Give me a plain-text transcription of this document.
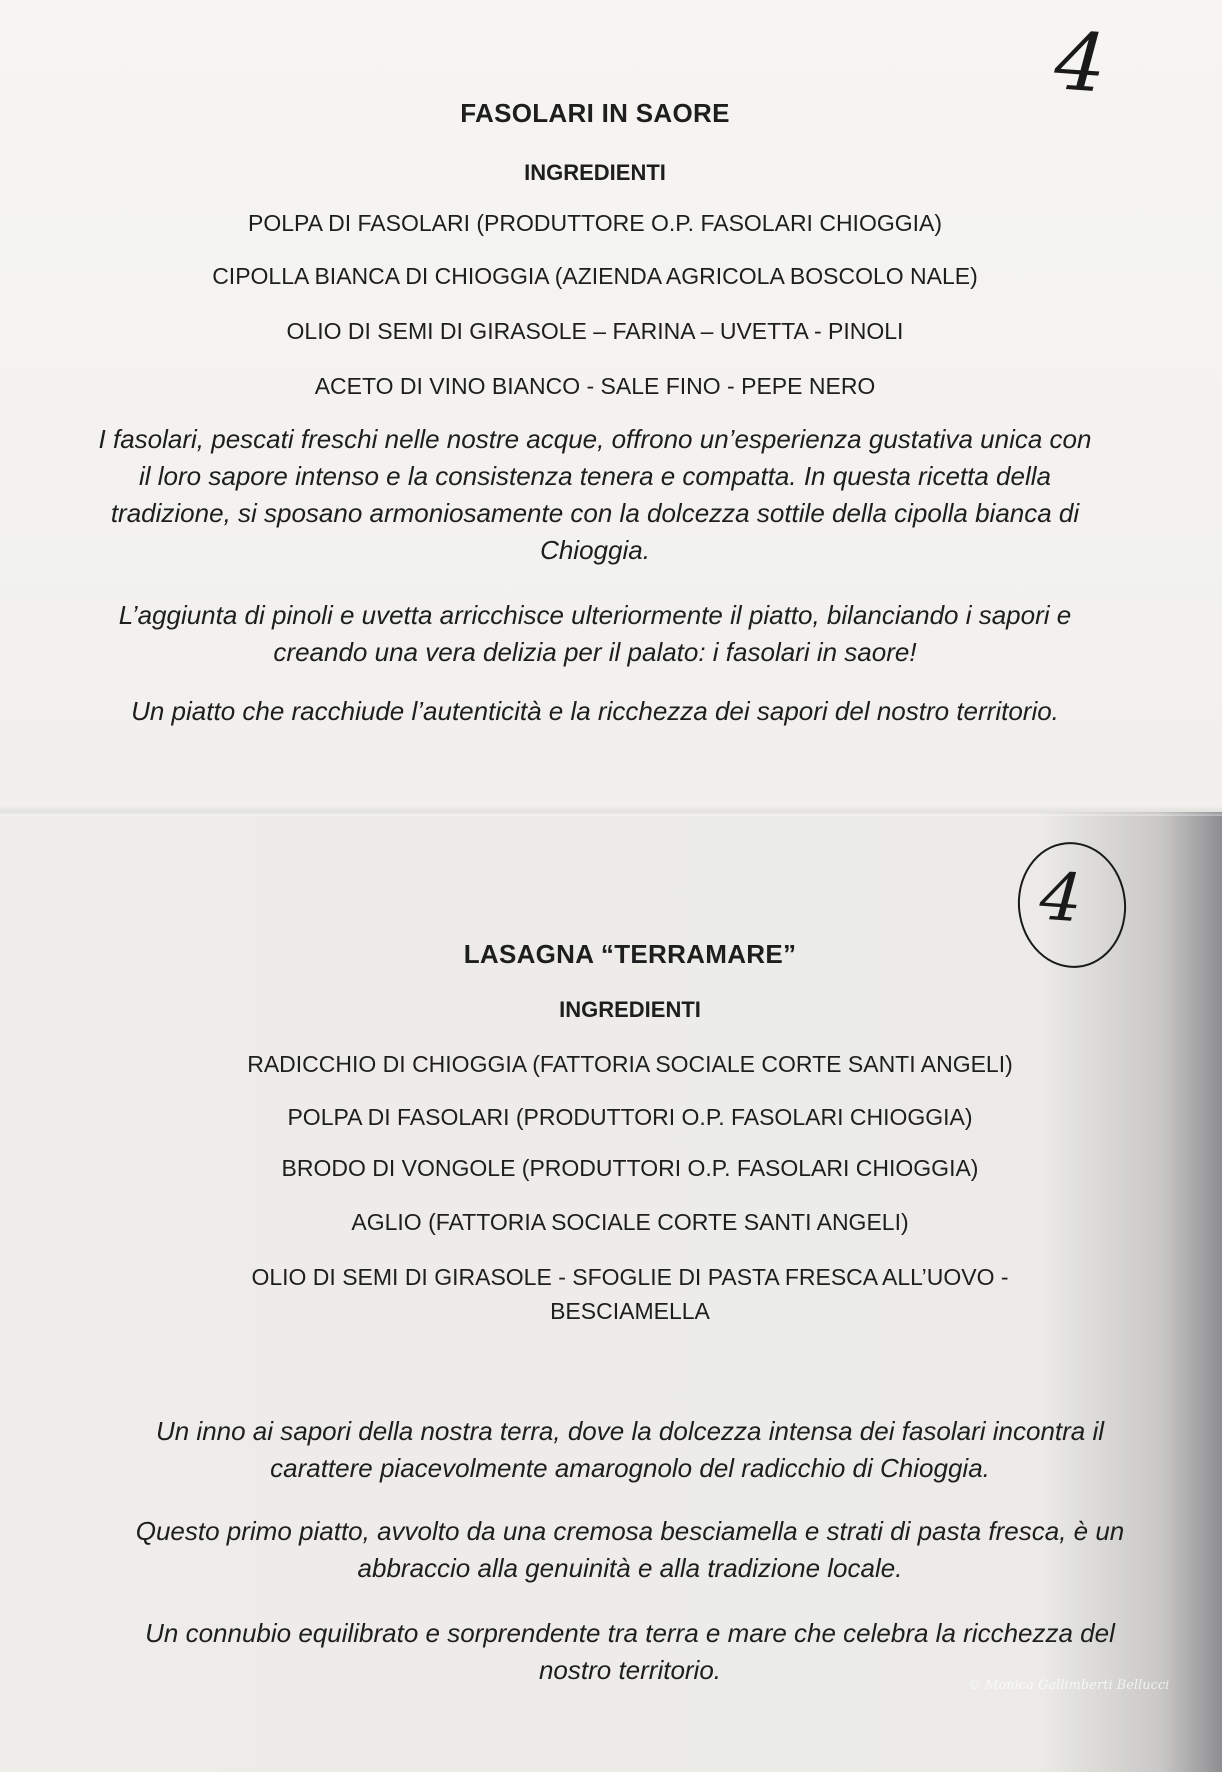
4
FASOLARI IN SAORE
INGREDIENTI
POLPA DI FASOLARI (PRODUTTORE O.P. FASOLARI CHIOGGIA)
CIPOLLA BIANCA DI CHIOGGIA (AZIENDA AGRICOLA BOSCOLO NALE)
OLIO DI SEMI DI GIRASOLE – FARINA – UVETTA - PINOLI
ACETO DI VINO BIANCO - SALE FINO - PEPE NERO
I fasolari, pescati freschi nelle nostre acque, offrono un’esperienza gustativa unica con il loro sapore intenso e la consistenza tenera e compatta. In questa ricetta della tradizione, si sposano armoniosamente con la dolcezza sottile della cipolla bianca di Chioggia.
L’aggiunta di pinoli e uvetta arricchisce ulteriormente il piatto, bilanciando i sapori e creando una vera delizia per il palato: i fasolari in saore!
Un piatto che racchiude l’autenticità e la ricchezza dei sapori del nostro territorio.
4
LASAGNA “TERRAMARE”
INGREDIENTI
RADICCHIO DI CHIOGGIA (FATTORIA SOCIALE CORTE SANTI ANGELI)
POLPA DI FASOLARI (PRODUTTORI O.P. FASOLARI CHIOGGIA)
BRODO DI VONGOLE (PRODUTTORI O.P. FASOLARI CHIOGGIA)
AGLIO (FATTORIA SOCIALE CORTE SANTI ANGELI)
OLIO DI SEMI DI GIRASOLE - SFOGLIE DI PASTA FRESCA ALL’UOVO - BESCIAMELLA
Un inno ai sapori della nostra terra, dove la dolcezza intensa dei fasolari incontra il carattere piacevolmente amarognolo del radicchio di Chioggia.
Questo primo piatto, avvolto da una cremosa besciamella e strati di pasta fresca, è un abbraccio alla genuinità e alla tradizione locale.
Un connubio equilibrato e sorprendente tra terra e mare che celebra la ricchezza del nostro territorio.
© Monica Gallimberti Bellucci
